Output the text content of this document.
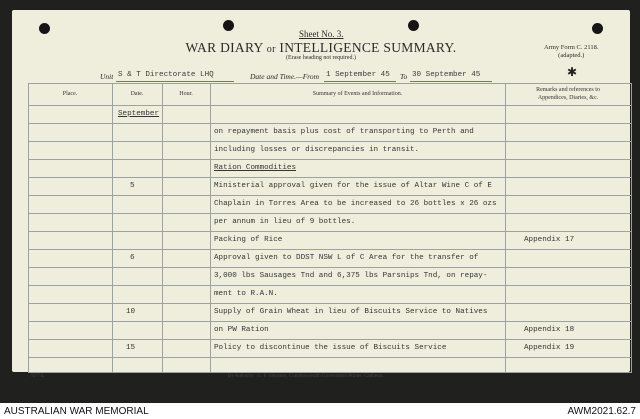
Sheet No. 3.
WAR DIARY or INTELLIGENCE SUMMARY.
(Erase heading not required.)
Army Form C. 2118.
(adapted.)
✱
Unit S & T Directorate LHQ	Date and Time.—From 1 September 45 To 30 September 45
Place.	Date.	Hour.	Summary of Events and Information.
Remarks and references to
Appendices, Diaries, &c.
September
on repayment basis plus cost of transporting to Perth and
including losses or discrepancies in transit.
Ration Commodities
5	Ministerial approval given for the issue of Altar Wine C of E
Chaplain in Torres Area to be increased to 26 bottles x 26 ozs
per annum in lieu of 9 bottles.
Packing of Rice	Appendix 17
6	Approval given to DDST NSW L of C Area for the transfer of
3,000 lbs Sausages Tnd and 6,375 lbs Parsnips Tnd, on repay-
ment to R.A.N.
10	Supply of Grain Wheat in lieu of Biscuits Service to Natives
on PW Ration	Appendix 18
15	Policy to discontinue the issue of Biscuits Service	Appendix 19
7677/L	By Authority : L. F. Johnston, Commonwealth Government Printer, Canberra.
AUSTRALIAN WAR MEMORIAL	AWM2021.62.7
